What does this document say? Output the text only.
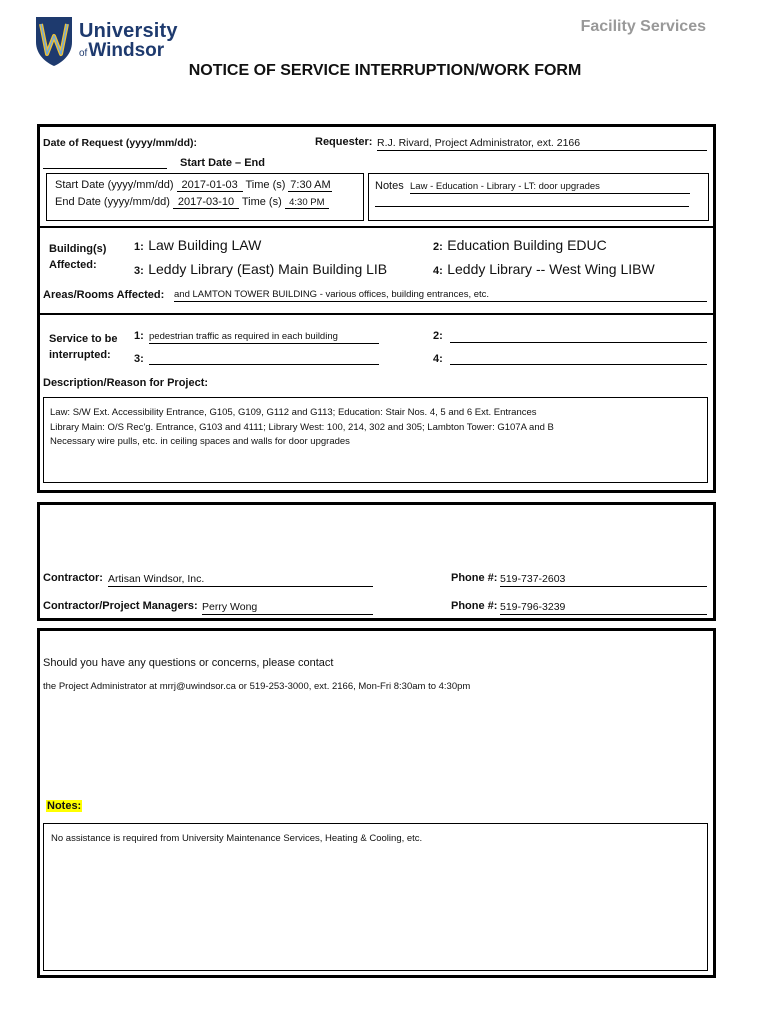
University
ofWindsor
Facility Services
NOTICE OF SERVICE INTERRUPTION/WORK FORM
Date of Request (yyyy/mm/dd):	Requester: R.J. Rivard, Project Administrator, ext. 2166
Start Date – End
Start Date (yyyy/mm/dd) 2017-01-03 Time (s) 7:30 AM
End Date (yyyy/mm/dd) 2017-03-10 Time (s) 4:30 PM
Notes Law - Education - Library - LT: door upgrades
Building(s)
Affected:
1: Law Building LAW	2: Education Building EDUC
3: Leddy Library (East) Main Building LIB	4: Leddy Library -- West Wing LIBW
Areas/Rooms Affected: and LAMTON TOWER BUILDING - various offices, building entrances, etc.
Service to be
interrupted:
1: pedestrian traffic as required in each building	2:
3:	4:
Description/Reason for Project:
Law: S/W Ext. Accessibility Entrance, G105, G109, G112 and G113; Education: Stair Nos. 4, 5 and 6 Ext. Entrances
Library Main: O/S Rec'g. Entrance, G103 and 4111; Library West: 100, 214, 302 and 305; Lambton Tower: G107A and B
Necessary wire pulls, etc. in ceiling spaces and walls for door upgrades
Contractor: Artisan Windsor, Inc.	Phone #: 519-737-2603
Contractor/Project Managers: Perry Wong	Phone #: 519-796-3239
Should you have any questions or concerns, please contact
the Project Administrator at mrrj@uwindsor.ca or 519-253-3000, ext. 2166, Mon-Fri 8:30am to 4:30pm
Notes:
No assistance is required from University Maintenance Services, Heating & Cooling, etc.
